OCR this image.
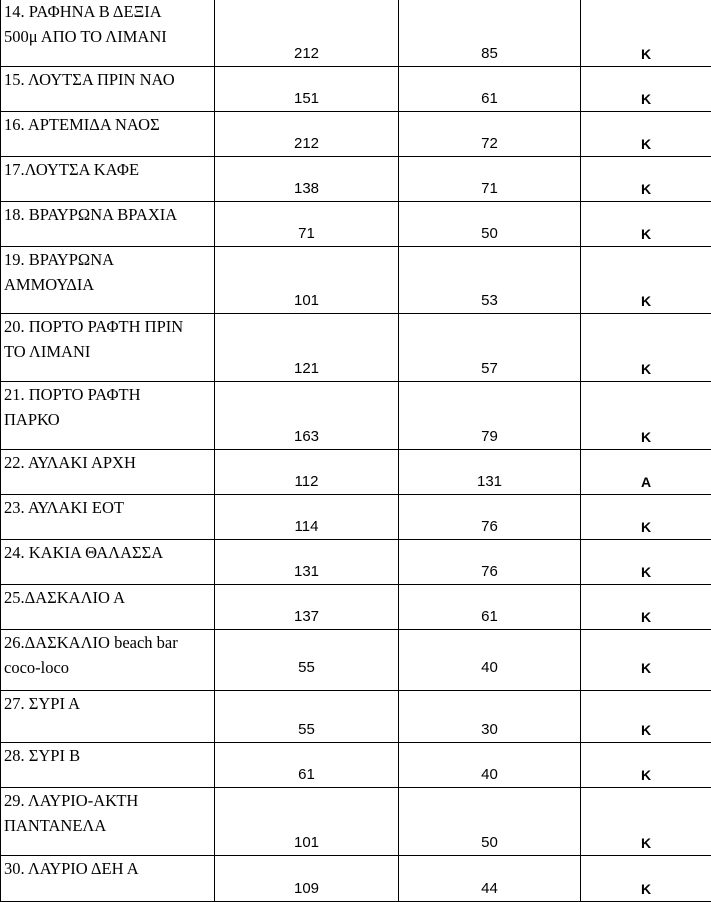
14. ΡΑΦΗΝΑ Β ΔΕΞΙΑ
500μ ΑΠΟ ΤΟ ΛΙΜΑΝΙ	212	85	Κ

15. ΛΟΥΤΣΑ ΠΡΙΝ ΝΑΟ	151	61	Κ

16. ΑΡΤΕΜΙΔΑ ΝΑΟΣ	212	72	Κ

17.ΛΟΥΤΣΑ ΚΑΦΕ	138	71	Κ

18. ΒΡΑΥΡΩΝΑ ΒΡΑΧΙΑ	71	50	Κ

19. ΒΡΑΥΡΩΝΑ
ΑΜΜΟΥΔΙΑ	101	53	Κ

20. ΠΟΡΤΟ ΡΑΦΤΗ ΠΡΙΝ
ΤΟ ΛΙΜΑΝΙ	121	57	Κ

21. ΠΟΡΤΟ ΡΑΦΤΗ
ΠΑΡΚΟ	163	79	Κ

22. ΑΥΛΑΚΙ ΑΡΧΗ	112	131	Α

23. ΑΥΛΑΚΙ ΕΟΤ	114	76	Κ

24. ΚΑΚΙΑ ΘΑΛΑΣΣΑ	131	76	Κ

25.ΔΑΣΚΑΛΙΟ Α	137	61	Κ

26.ΔΑΣΚΑΛΙΟ beach bar
coco-loco	55	40	Κ

27. ΣΥΡΙ Α	55	30	Κ

28. ΣΥΡΙ Β	61	40	Κ

29. ΛΑΥΡΙΟ-ΑΚΤΗ
ΠΑΝΤΑΝΕΛΑ	101	50	Κ

30. ΛΑΥΡΙΟ ΔΕΗ Α	109	44	Κ
